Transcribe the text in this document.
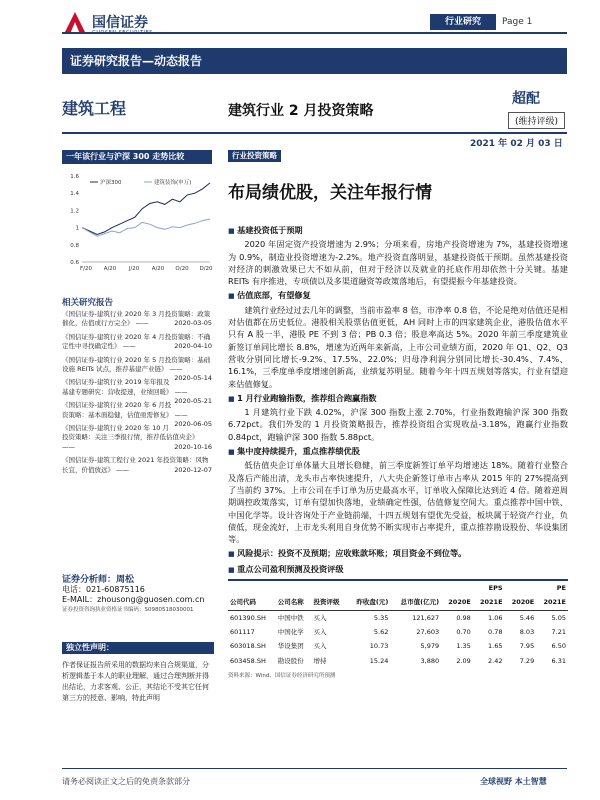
国信证券	行业研究	Page 1
证券研究报告—动态报告
建筑工程	建筑行业 2 月投资策略
超配
(维持评级)
2021 年 02 月 03 日
一年该行业与沪深 300 走势比较
1.6
1.4
1.2
1
0.8
0.6
F/20 A/20 J/20 A/20 O/20 D/20
沪深300	建筑装饰(申万)
相关研究报告

《国信证券-建筑行业 2020 年 3 月投资策略：政策催化，估值或行方完全》 ——	2020-03-05

《国信证券-建筑行业 2020 年 4 月投资策略：不确定性中寻找确定性》 ——	2020-04-10

《国信证券-建筑行业 2020 年 5 月投资策略：基础设施 REITs 试点，推荐基建产业链》 ——
2020-05-14

《国信证券-建筑行业 2019 年年报及基建专题研究：营收提速，业绩回暖》 ——
2020-05-21

《国信证券-建筑行业 2020 年 6 月投资策略：基本面稳健，估值亟需修复》 ——
2020-06-05

《国信证券-建筑行业 2020 年 10 月投资策略：关注三季报行情，推荐低估值央企》 ——	2020-10-16

《国信证券-建筑工程行业 2021 年投资策略：风物长宜，价值放远》 ——	2020-12-07

证券分析师：周松
电话：021-60875116
E-MAIL：zhousong@guosen.com.cn
证券投资咨询执业资格证书编码：S0980518030001
独立性声明：
作者保证报告所采用的数据均来自合规渠道，分析逻辑基于本人的职业理解，通过合理判断并得出结论，力求客观、公正，其结论不受其它任何第三方的授意、影响，特此声明
行业投资策略
布局绩优股，关注年报行情
■ 基建投资低于预期

2020 年固定资产投资增速为 2.9%；分项来看，房地产投资增速为 7%，基建投资增速为 0.9%，制造业投资增速为-2.2%。地产投资直落明显，基建投资低于预期。虽然基建投资对经济的刺激效果已大不如从前，但对于经济以及就业的托底作用却依然十分关键。基建 REITs 有序推进，专项债以及多渠道融资等政策落地后，有望提振今年基建投资。

■ 估值底部，有望修复

建筑行业经过过去几年的调整，当前市盈率 8 倍，市净率 0.8 倍，不论是绝对估值还是相对估值都在历史低位。港股相关股票估值更低，AH 同时上市的四家建筑企业，港股估值水平只有 A 股一半，港股 PE 不到 3 倍；PB 0.3 倍；股息率高达 5%。2020 年前三季度建筑业新签订单同比增长 8.8%，增速为近两年来新高，上市公司业绩方面，2020 年 Q1、Q2、Q3 营收分别同比增长-9.2%、17.5%、22.0%；归母净利润分别同比增长-30.4%、7.4%、16.1%，三季度单季度增速创新高，业绩复苏明显。随着今年十四五规划等落实，行业有望迎来估值修复。

■ 1 月行业跑输指数，推荐组合跑赢指数

1 月建筑行业下跌 4.02%，沪深 300 指数上涨 2.70%，行业指数跑输沪深 300 指数 6.72pct。我们外发的 1 月投资策略报告，推荐投资组合实现收益-3.18%，跑赢行业指数 0.84pct，跑输沪深 300 指数 5.88pct。

■ 集中度持续提升，重点推荐绩优股

低估值央企订单体量大且增长稳健，前三季度新签订单平均增速达 18%。随着行业整合及落后产能出清，龙头市占率快速提升，八大央企新签订单市占率从 2015 年的 27%提高到了当前约 37%。上市公司在手订单为历史最高水平，订单收入保障比达到近 4 倍。随着逆周期调控政策落实，订单有望加快落地，业绩确定性强，估值修复空间大。重点推荐中国中铁、中国化学等。设计咨询处于产业链前端，十四五规划有望优先受益，板块属于轻资产行业，负债低，现金流好，上市龙头利用自身优势不断实现市占率提升，重点推荐勘设股份、华设集团等。

■ 风险提示：投资不及预期；应收账款坏账；项目资金不到位等。
■ 重点公司盈利预测及投资评级
					EPS		PE	
公司代码	公司名称	投资评级	昨收盘(元)	总市值(亿元)	2020E	2021E	2020E	2021E
601390.SH	中国中铁	买入	5.35	121,627	0.98	1.06	5.46	5.05
601117	中国化学	买入	5.62	27,603	0.70	0.78	8.03	7.21
603018.SH	华设集团	买入	10.73	5,979	1.35	1.65	7.95	6.50
603458.SH	勘设股份	增持	15.24	3,880	2.09	2.42	7.29	6.31
资料来源：Wind、国信证券经济研究所预测
请务必阅读正文之后的免责条款部分	全球视野 本土智慧
